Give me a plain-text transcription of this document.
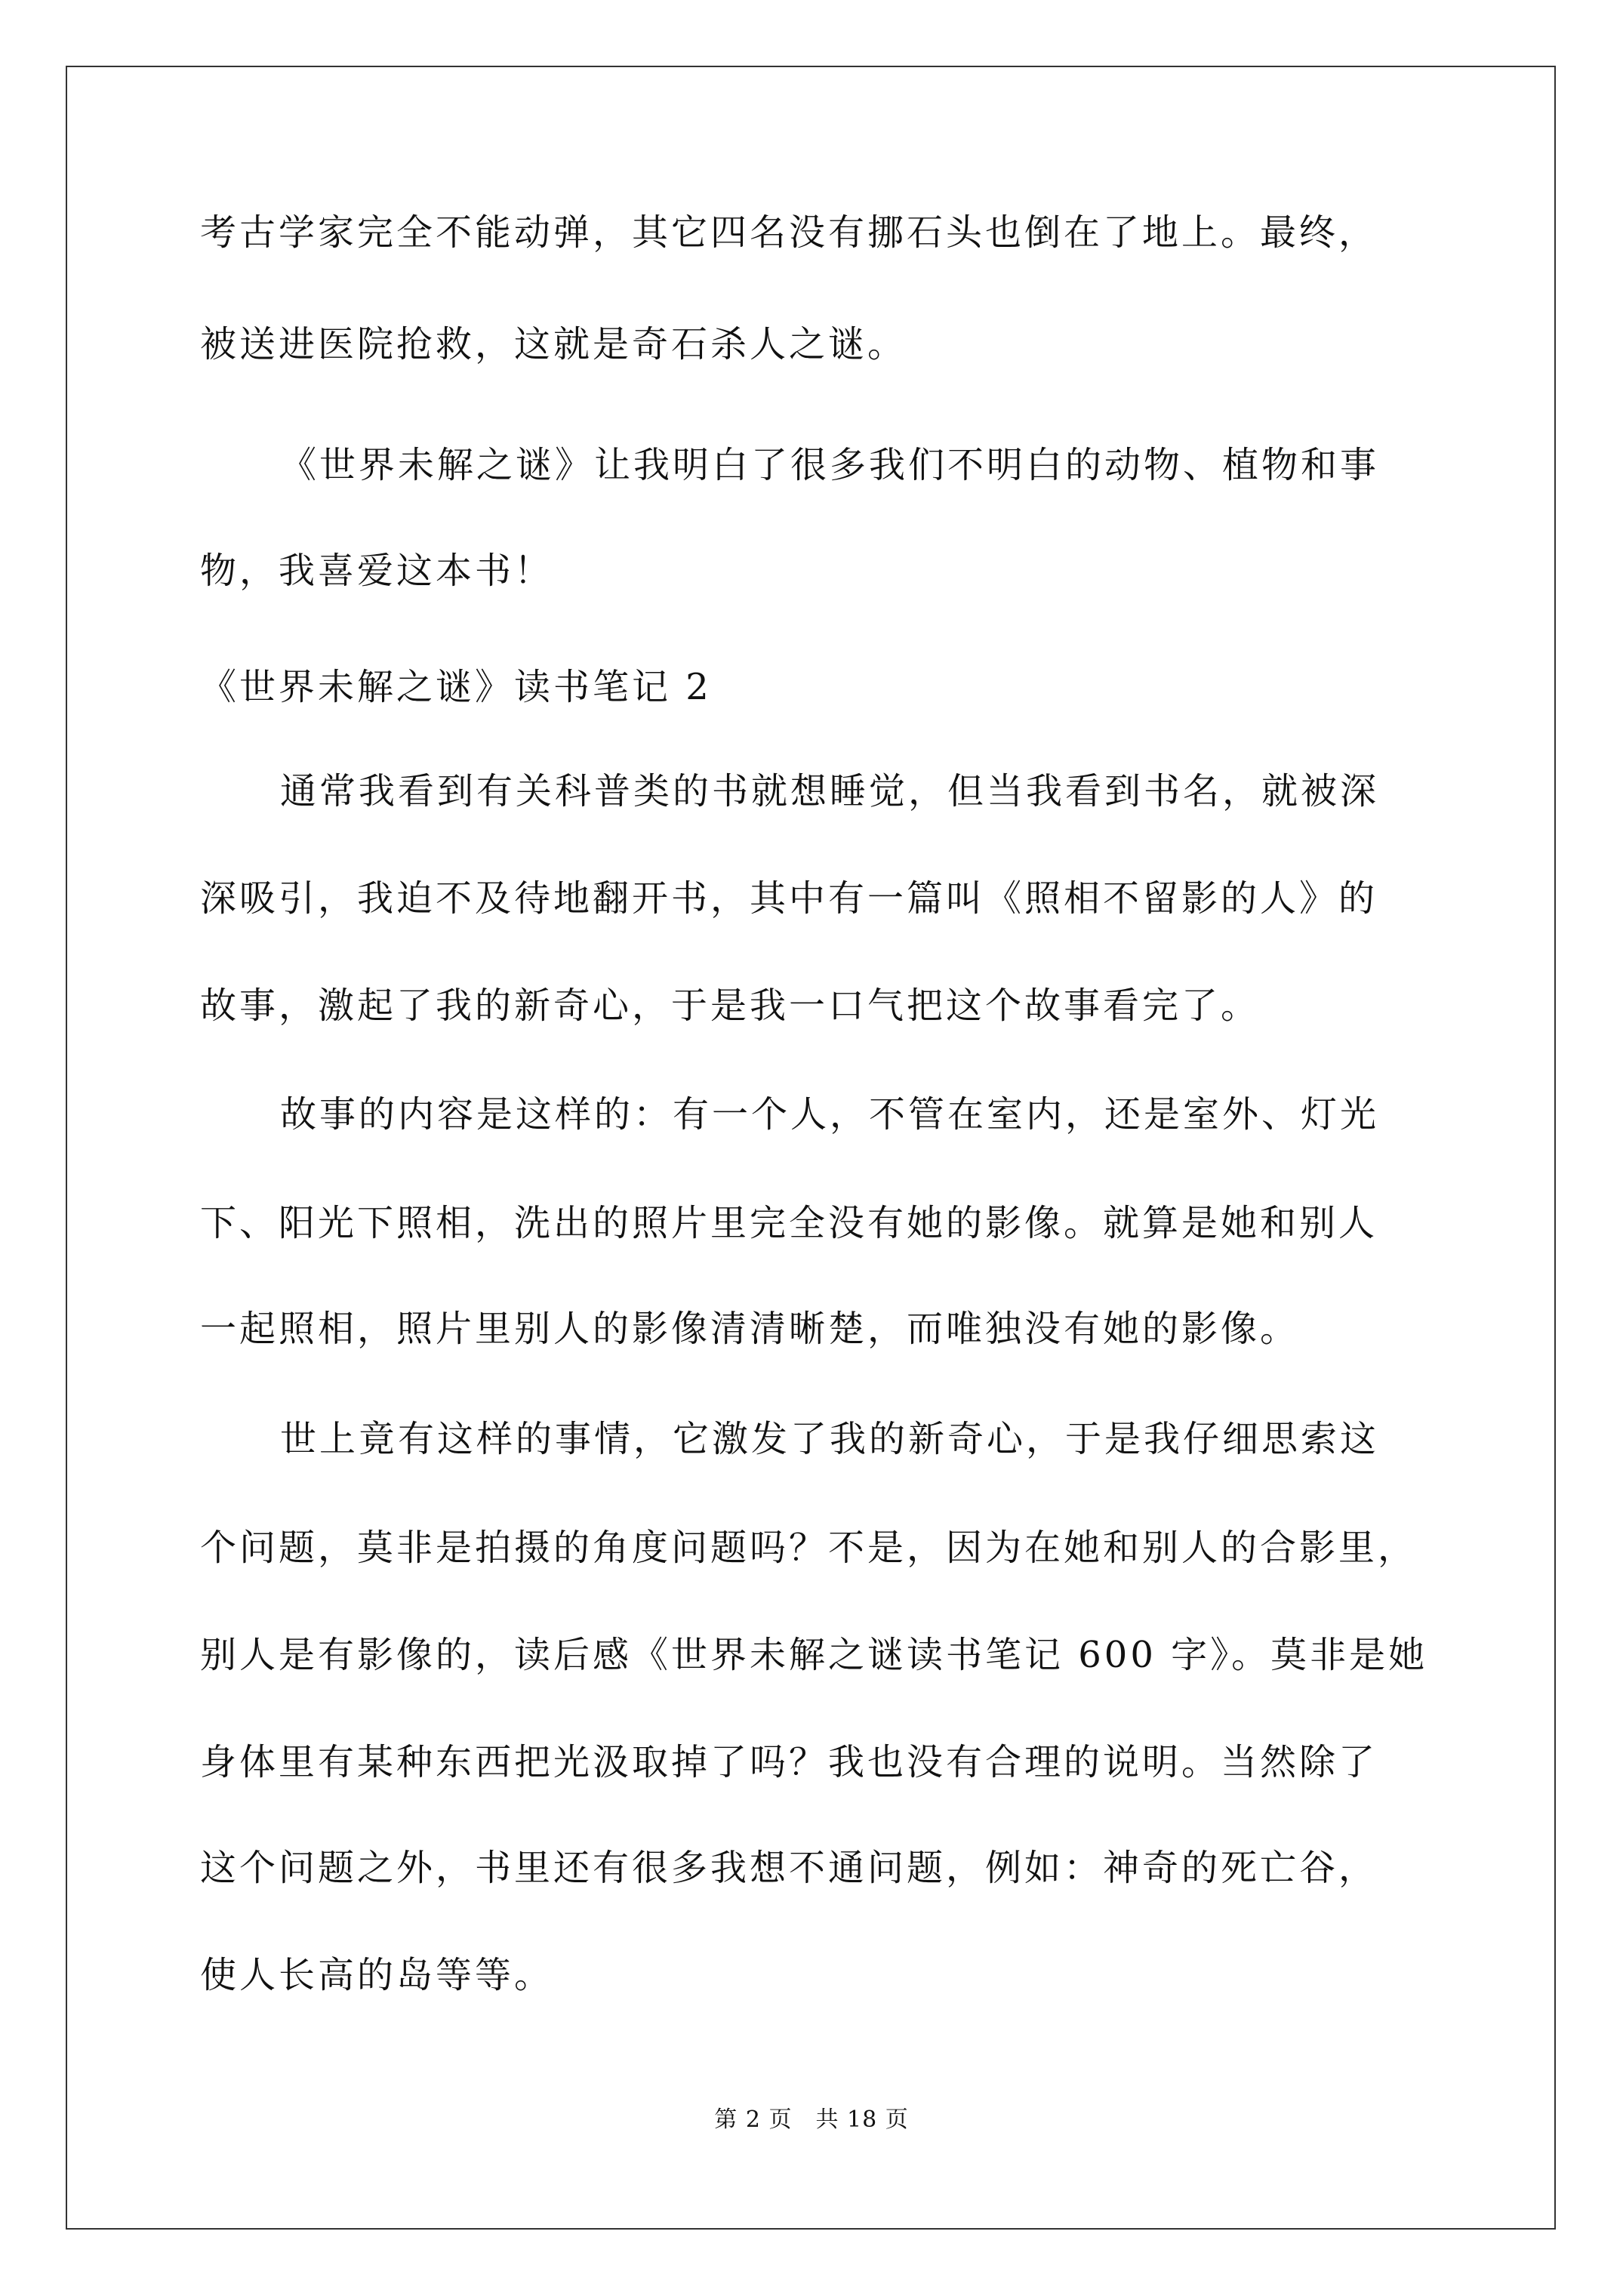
考古学家完全不能动弹，其它四名没有挪石头也倒在了地上。最终，
被送进医院抢救，这就是奇石杀人之谜。
《世界未解之谜》让我明白了很多我们不明白的动物、植物和事
物，我喜爱这本书！
《世界未解之谜》读书笔记 2
通常我看到有关科普类的书就想睡觉，但当我看到书名，就被深
深吸引，我迫不及待地翻开书，其中有一篇叫《照相不留影的人》的
故事，激起了我的新奇心，于是我一口气把这个故事看完了。
故事的内容是这样的：有一个人，不管在室内，还是室外、灯光
下、阳光下照相，洗出的照片里完全没有她的影像。就算是她和别人
一起照相，照片里别人的影像清清晰楚，而唯独没有她的影像。
世上竟有这样的事情，它激发了我的新奇心，于是我仔细思索这
个问题，莫非是拍摄的角度问题吗？不是，因为在她和别人的合影里，
别人是有影像的，读后感《世界未解之谜读书笔记 600 字》。莫非是她
身体里有某种东西把光汲取掉了吗？我也没有合理的说明。当然除了
这个问题之外，书里还有很多我想不通问题，例如：神奇的死亡谷，
使人长高的岛等等。
第 2 页　共 18 页
